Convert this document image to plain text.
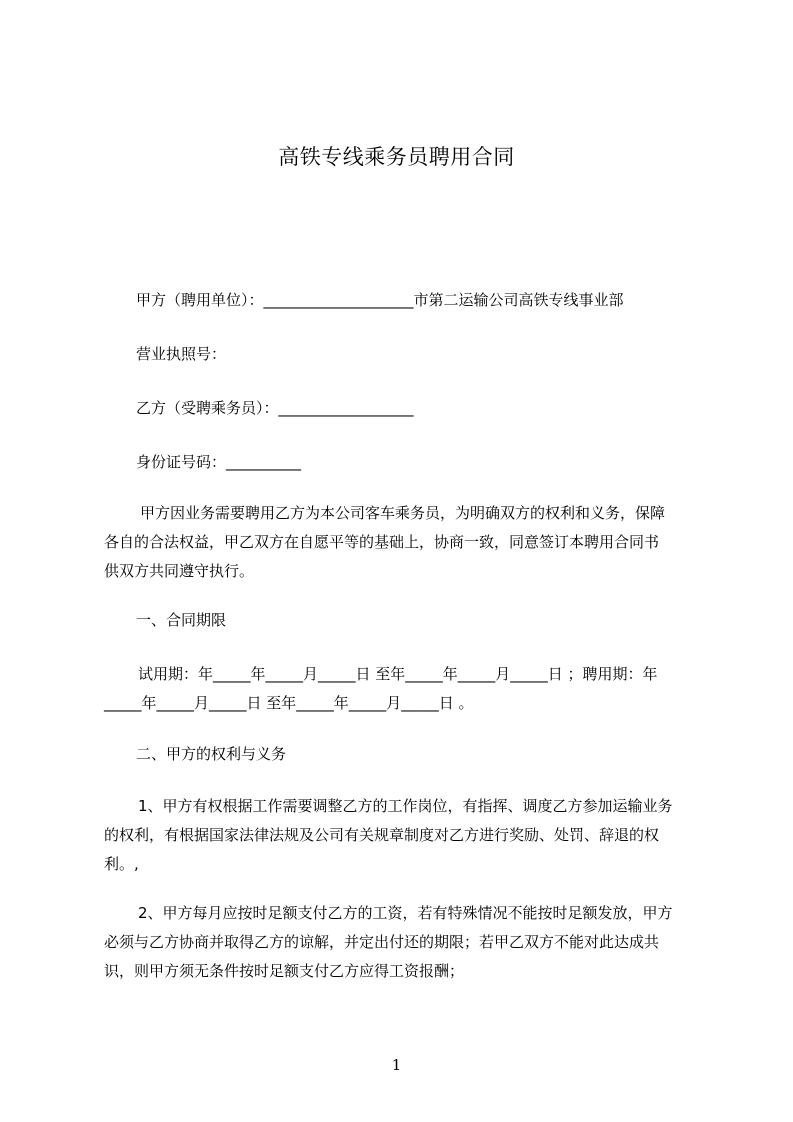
高铁专线乘务员聘用合同
甲方（聘用单位）：____________________市第二运输公司高铁专线事业部
营业执照号：
乙方（受聘乘务员）：__________________
身份证号码：__________
甲方因业务需要聘用乙方为本公司客车乘务员，为明确双方的权利和义务，保障
各自的合法权益，甲乙双方在自愿平等的基础上，协商一致，同意签订本聘用合同书
供双方共同遵守执行。
一、合同期限
试用期：年_____年_____月_____日 至年_____年_____月_____日 ；聘用期：年
_____年_____月_____日 至年_____年_____月_____日 。
二、甲方的权利与义务
1、甲方有权根据工作需要调整乙方的工作岗位，有指挥、调度乙方参加运输业务
的权利，有根据国家法律法规及公司有关规章制度对乙方进行奖励、处罚、辞退的权
利。,
2、甲方每月应按时足额支付乙方的工资，若有特殊情况不能按时足额发放，甲方
必须与乙方协商并取得乙方的谅解，并定出付还的期限；若甲乙双方不能对此达成共
识，则甲方须无条件按时足额支付乙方应得工资报酬；
1
